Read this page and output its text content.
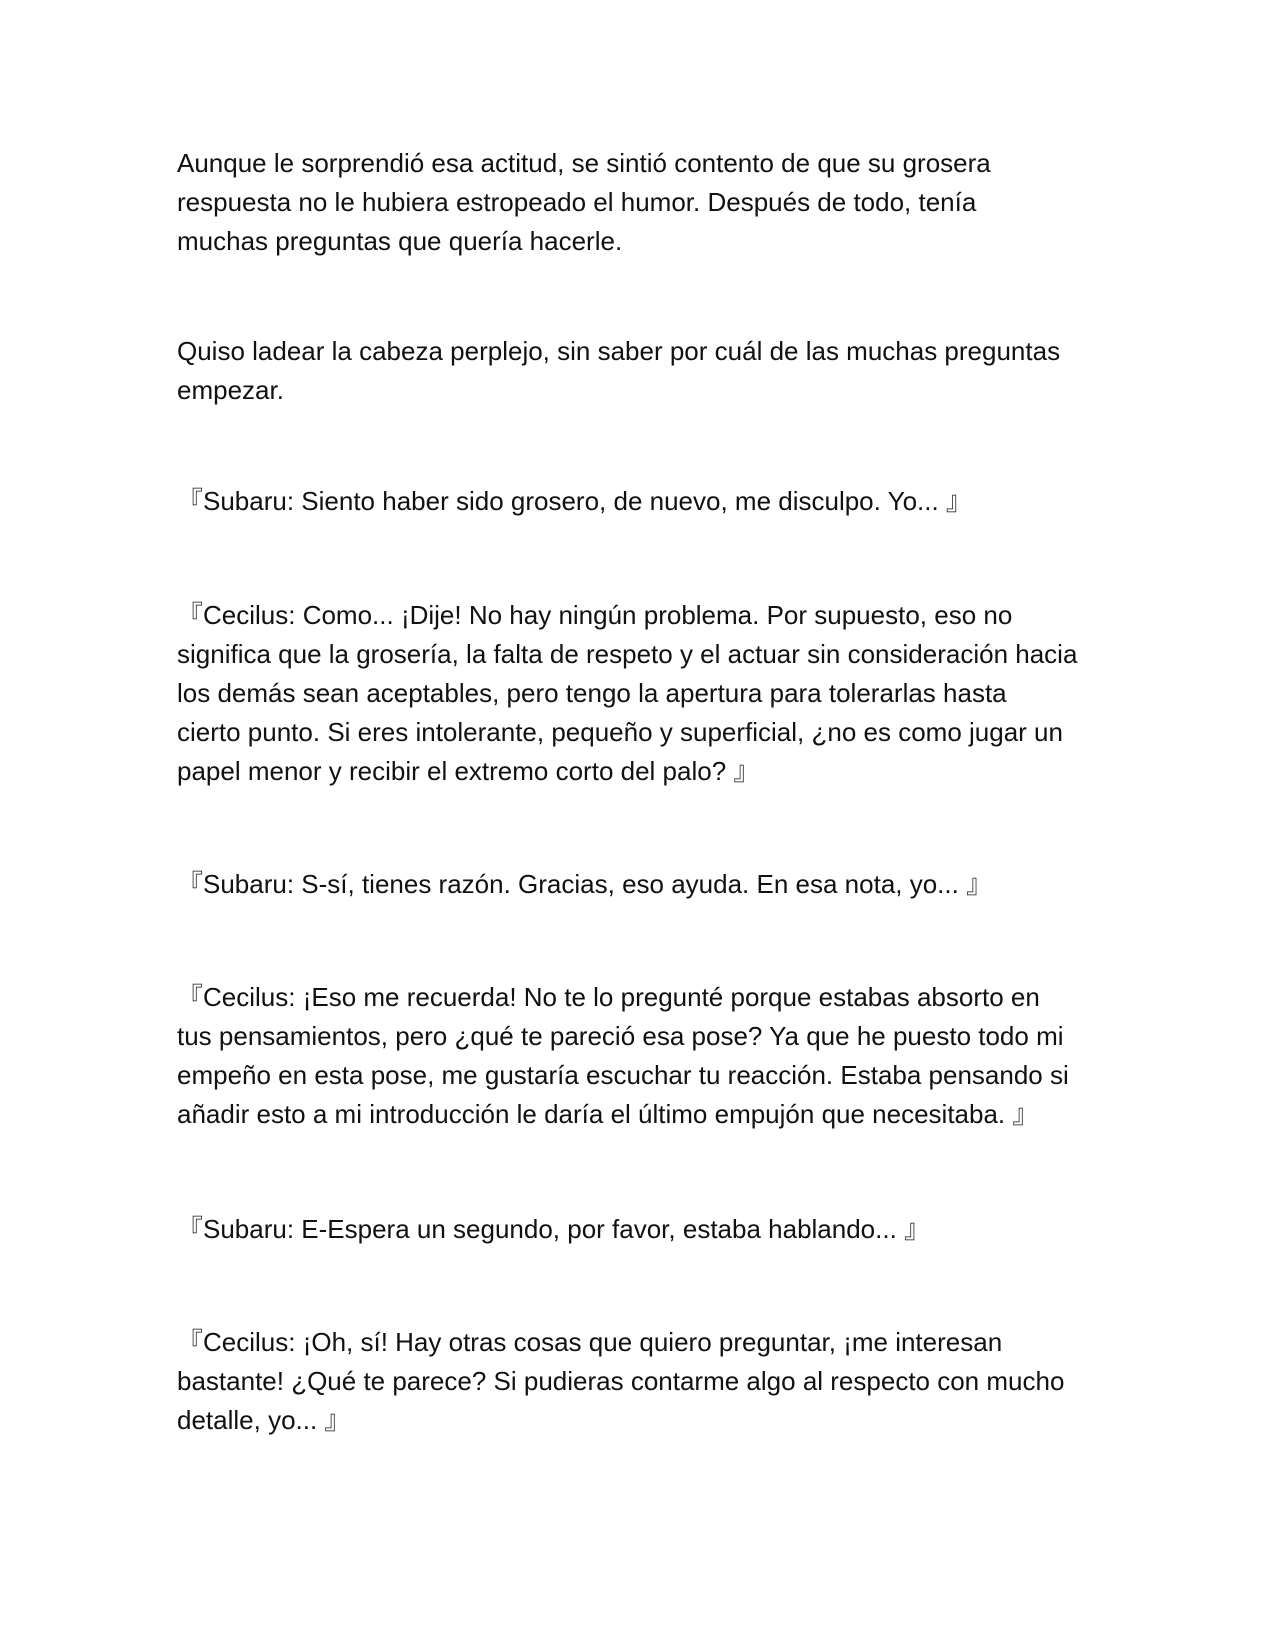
Aunque le sorprendió esa actitud, se sintió contento de que su grosera
respuesta no le hubiera estropeado el humor. Después de todo, tenía
muchas preguntas que quería hacerle.

Quiso ladear la cabeza perplejo, sin saber por cuál de las muchas preguntas
empezar.

『Subaru: Siento haber sido grosero, de nuevo, me disculpo. Yo... 』

『Cecilus: Como... ¡Dije! No hay ningún problema. Por supuesto, eso no
significa que la grosería, la falta de respeto y el actuar sin consideración hacia
los demás sean aceptables, pero tengo la apertura para tolerarlas hasta
cierto punto. Si eres intolerante, pequeño y superficial, ¿no es como jugar un
papel menor y recibir el extremo corto del palo? 』

『Subaru: S-sí, tienes razón. Gracias, eso ayuda. En esa nota, yo... 』

『Cecilus: ¡Eso me recuerda! No te lo pregunté porque estabas absorto en
tus pensamientos, pero ¿qué te pareció esa pose? Ya que he puesto todo mi
empeño en esta pose, me gustaría escuchar tu reacción. Estaba pensando si
añadir esto a mi introducción le daría el último empujón que necesitaba. 』

『Subaru: E-Espera un segundo, por favor, estaba hablando... 』

『Cecilus: ¡Oh, sí! Hay otras cosas que quiero preguntar, ¡me interesan
bastante! ¿Qué te parece? Si pudieras contarme algo al respecto con mucho
detalle, yo... 』
